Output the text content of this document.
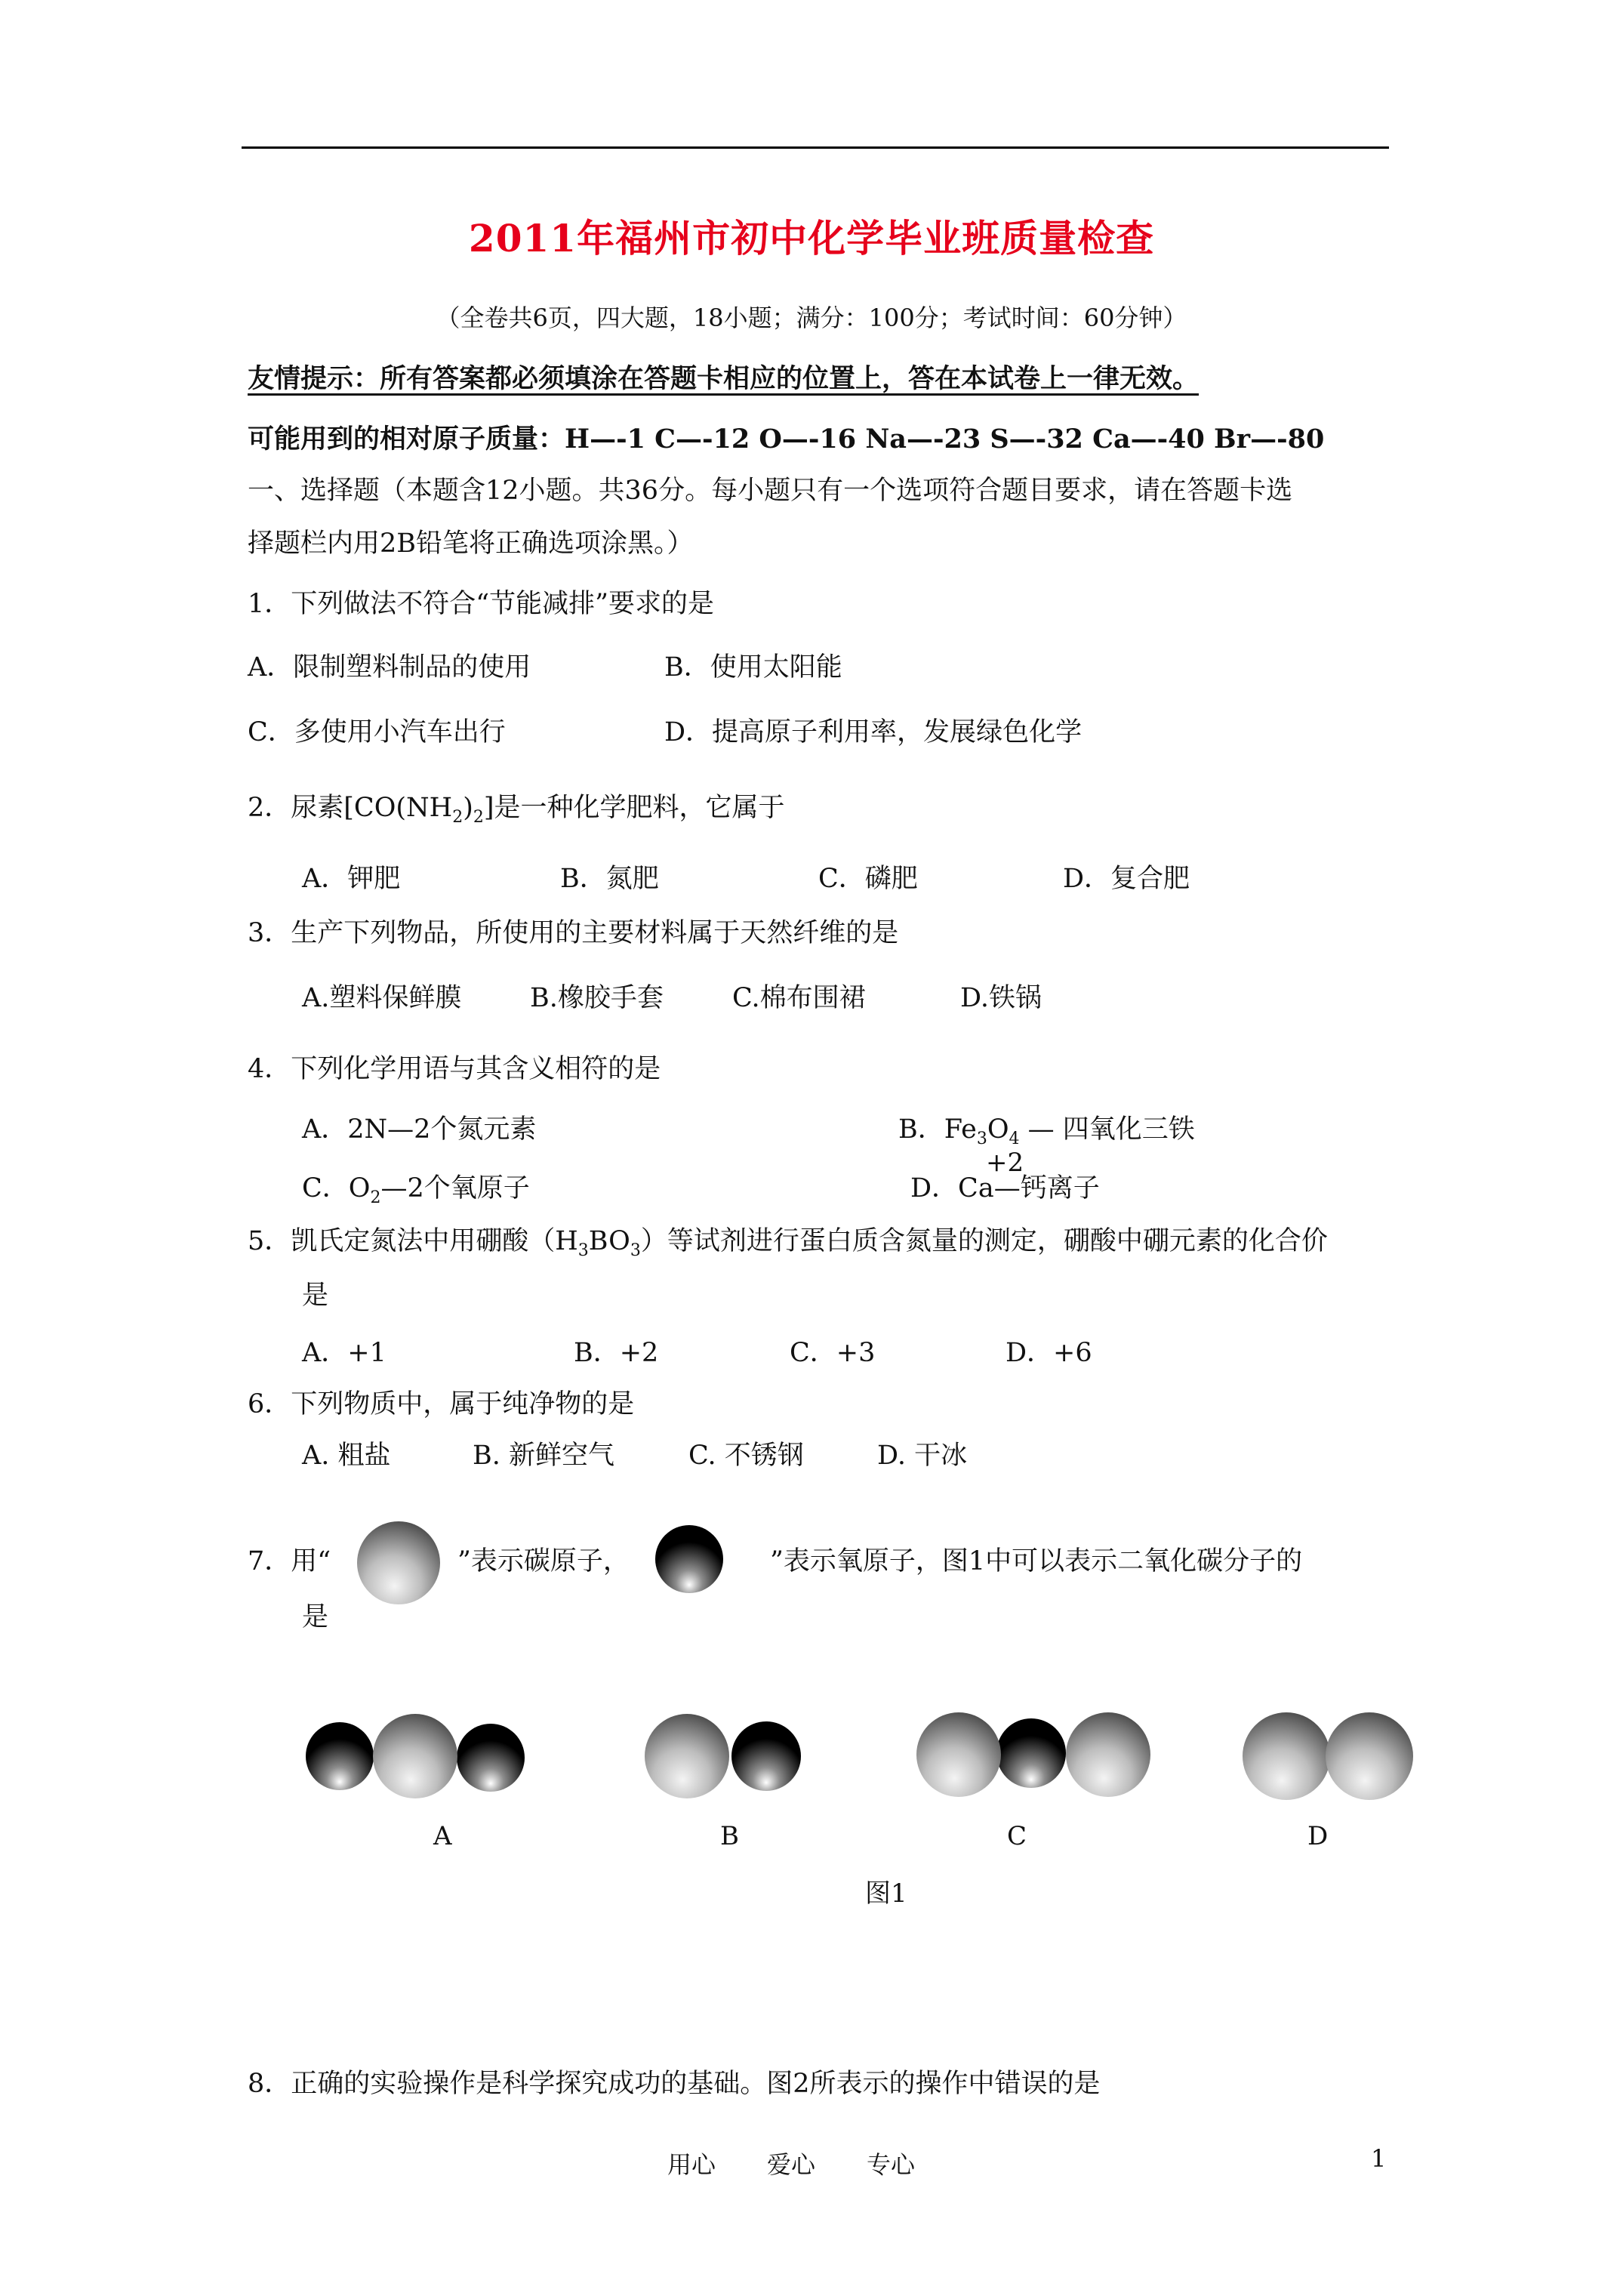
2011年福州市初中化学毕业班质量检查
（全卷共6页，四大题，18小题；满分：100分；考试时间：60分钟）
友情提示：所有答案都必须填涂在答题卡相应的位置上，答在本试卷上一律无效。
可能用到的相对原子质量：H—-1 C—-12 O—-16 Na—-23 S—-32 Ca—-40 Br—-80
一、选择题（本题含12小题。共36分。每小题只有一个选项符合题目要求，请在答题卡选
择题栏内用2B铅笔将正确选项涂黑。）
1．下列做法不符合“节能减排”要求的是
A．限制塑料制品的使用	B．使用太阳能
C．多使用小汽车出行	D．提高原子利用率，发展绿色化学
2．尿素$[CO(NH_2)_2]$是一种化学肥料，它属于
A．钾肥	B．氮肥	C．磷肥	D．复合肥
3．生产下列物品，所使用的主要材料属于天然纤维的是
A.塑料保鲜膜	B.橡胶手套	C.棉布围裙	D.铁锅
4．下列化学用语与其含义相符的是
A．2N—2个氮元素	B．$Fe_3O_4$ — 四氧化三铁
C．$O_2—2$个氧原子	D．Ca—钙离子
+2
5．凯氏定氮法中用硼酸$(H_3BO_3)$等试剂进行蛋白质含氮量的测定，硼酸中硼元素的化合价
是
A．+1	B．+2	C．+3	D．+6
6．下列物质中，属于纯净物的是
A. 粗盐	B. 新鲜空气	C. 不锈钢	D. 干冰
7．用“	”表示碳原子，	”表示氧原子，图1中可以表示二氧化碳分子的
是
A	B	C	D
图1
8．正确的实验操作是科学探究成功的基础。图2所表示的操作中错误的是
用心 爱心 专心	1
